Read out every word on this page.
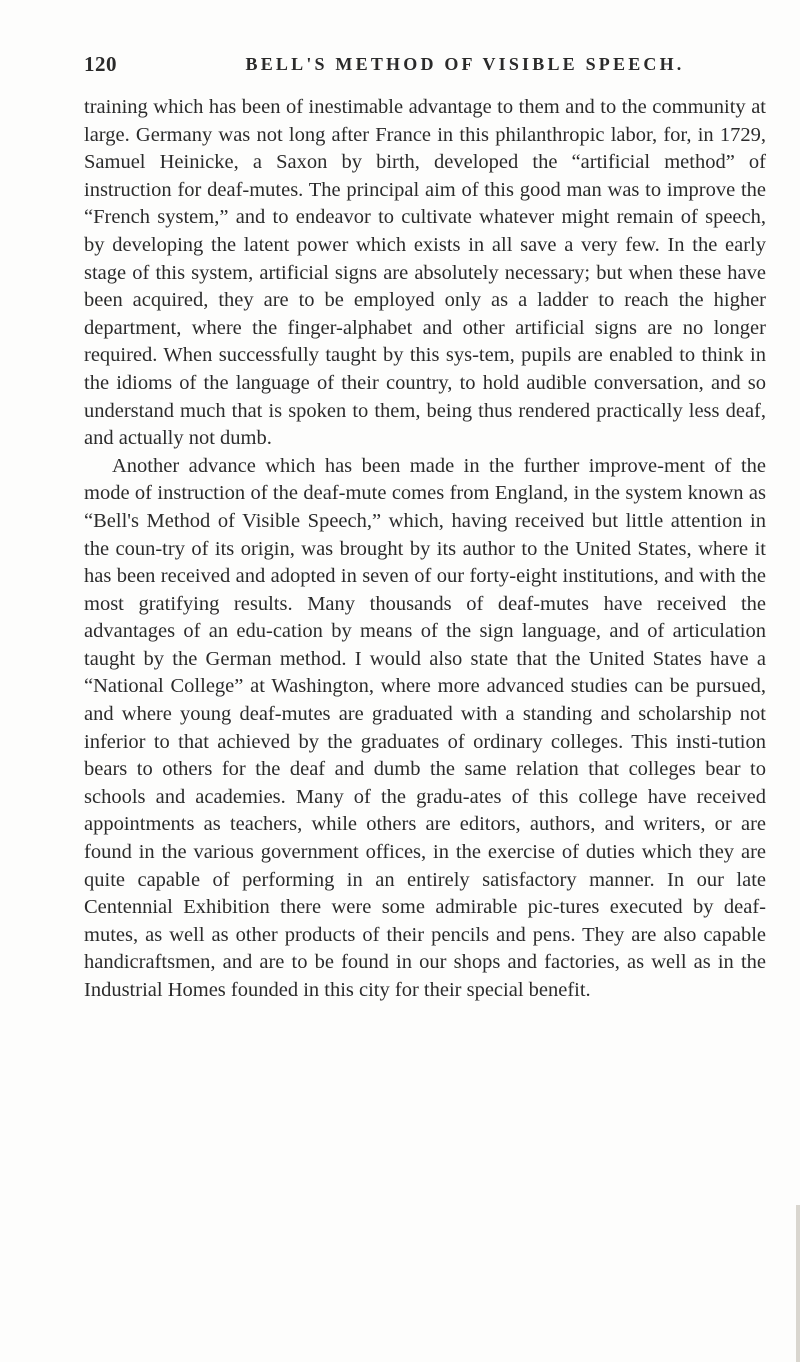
120	BELL'S METHOD OF VISIBLE SPEECH.

training which has been of inestimable advantage to them and to the community at large. Germany was not long after France in this philanthropic labor, for, in 1729, Samuel Heinicke, a Saxon by birth, developed the “artificial method” of instruction for deaf-mutes. The principal aim of this good man was to improve the “French system,” and to endeavor to cultivate whatever might remain of speech, by developing the latent power which exists in all save a very few. In the early stage of this system, artificial signs are absolutely necessary; but when these have been acquired, they are to be employed only as a ladder to reach the higher department, where the finger-alphabet and other artificial signs are no longer required. When successfully taught by this sys-tem, pupils are enabled to think in the idioms of the language of their country, to hold audible conversation, and so understand much that is spoken to them, being thus rendered practically less deaf, and actually not dumb.

Another advance which has been made in the further improve-ment of the mode of instruction of the deaf-mute comes from England, in the system known as “Bell's Method of Visible Speech,” which, having received but little attention in the coun-try of its origin, was brought by its author to the United States, where it has been received and adopted in seven of our forty-eight institutions, and with the most gratifying results. Many thousands of deaf-mutes have received the advantages of an edu-cation by means of the sign language, and of articulation taught by the German method. I would also state that the United States have a “National College” at Washington, where more advanced studies can be pursued, and where young deaf-mutes are graduated with a standing and scholarship not inferior to that achieved by the graduates of ordinary colleges. This insti-tution bears to others for the deaf and dumb the same relation that colleges bear to schools and academies. Many of the gradu-ates of this college have received appointments as teachers, while others are editors, authors, and writers, or are found in the various government offices, in the exercise of duties which they are quite capable of performing in an entirely satisfactory manner. In our late Centennial Exhibition there were some admirable pic-tures executed by deaf-mutes, as well as other products of their pencils and pens. They are also capable handicraftsmen, and are to be found in our shops and factories, as well as in the Industrial Homes founded in this city for their special benefit.
